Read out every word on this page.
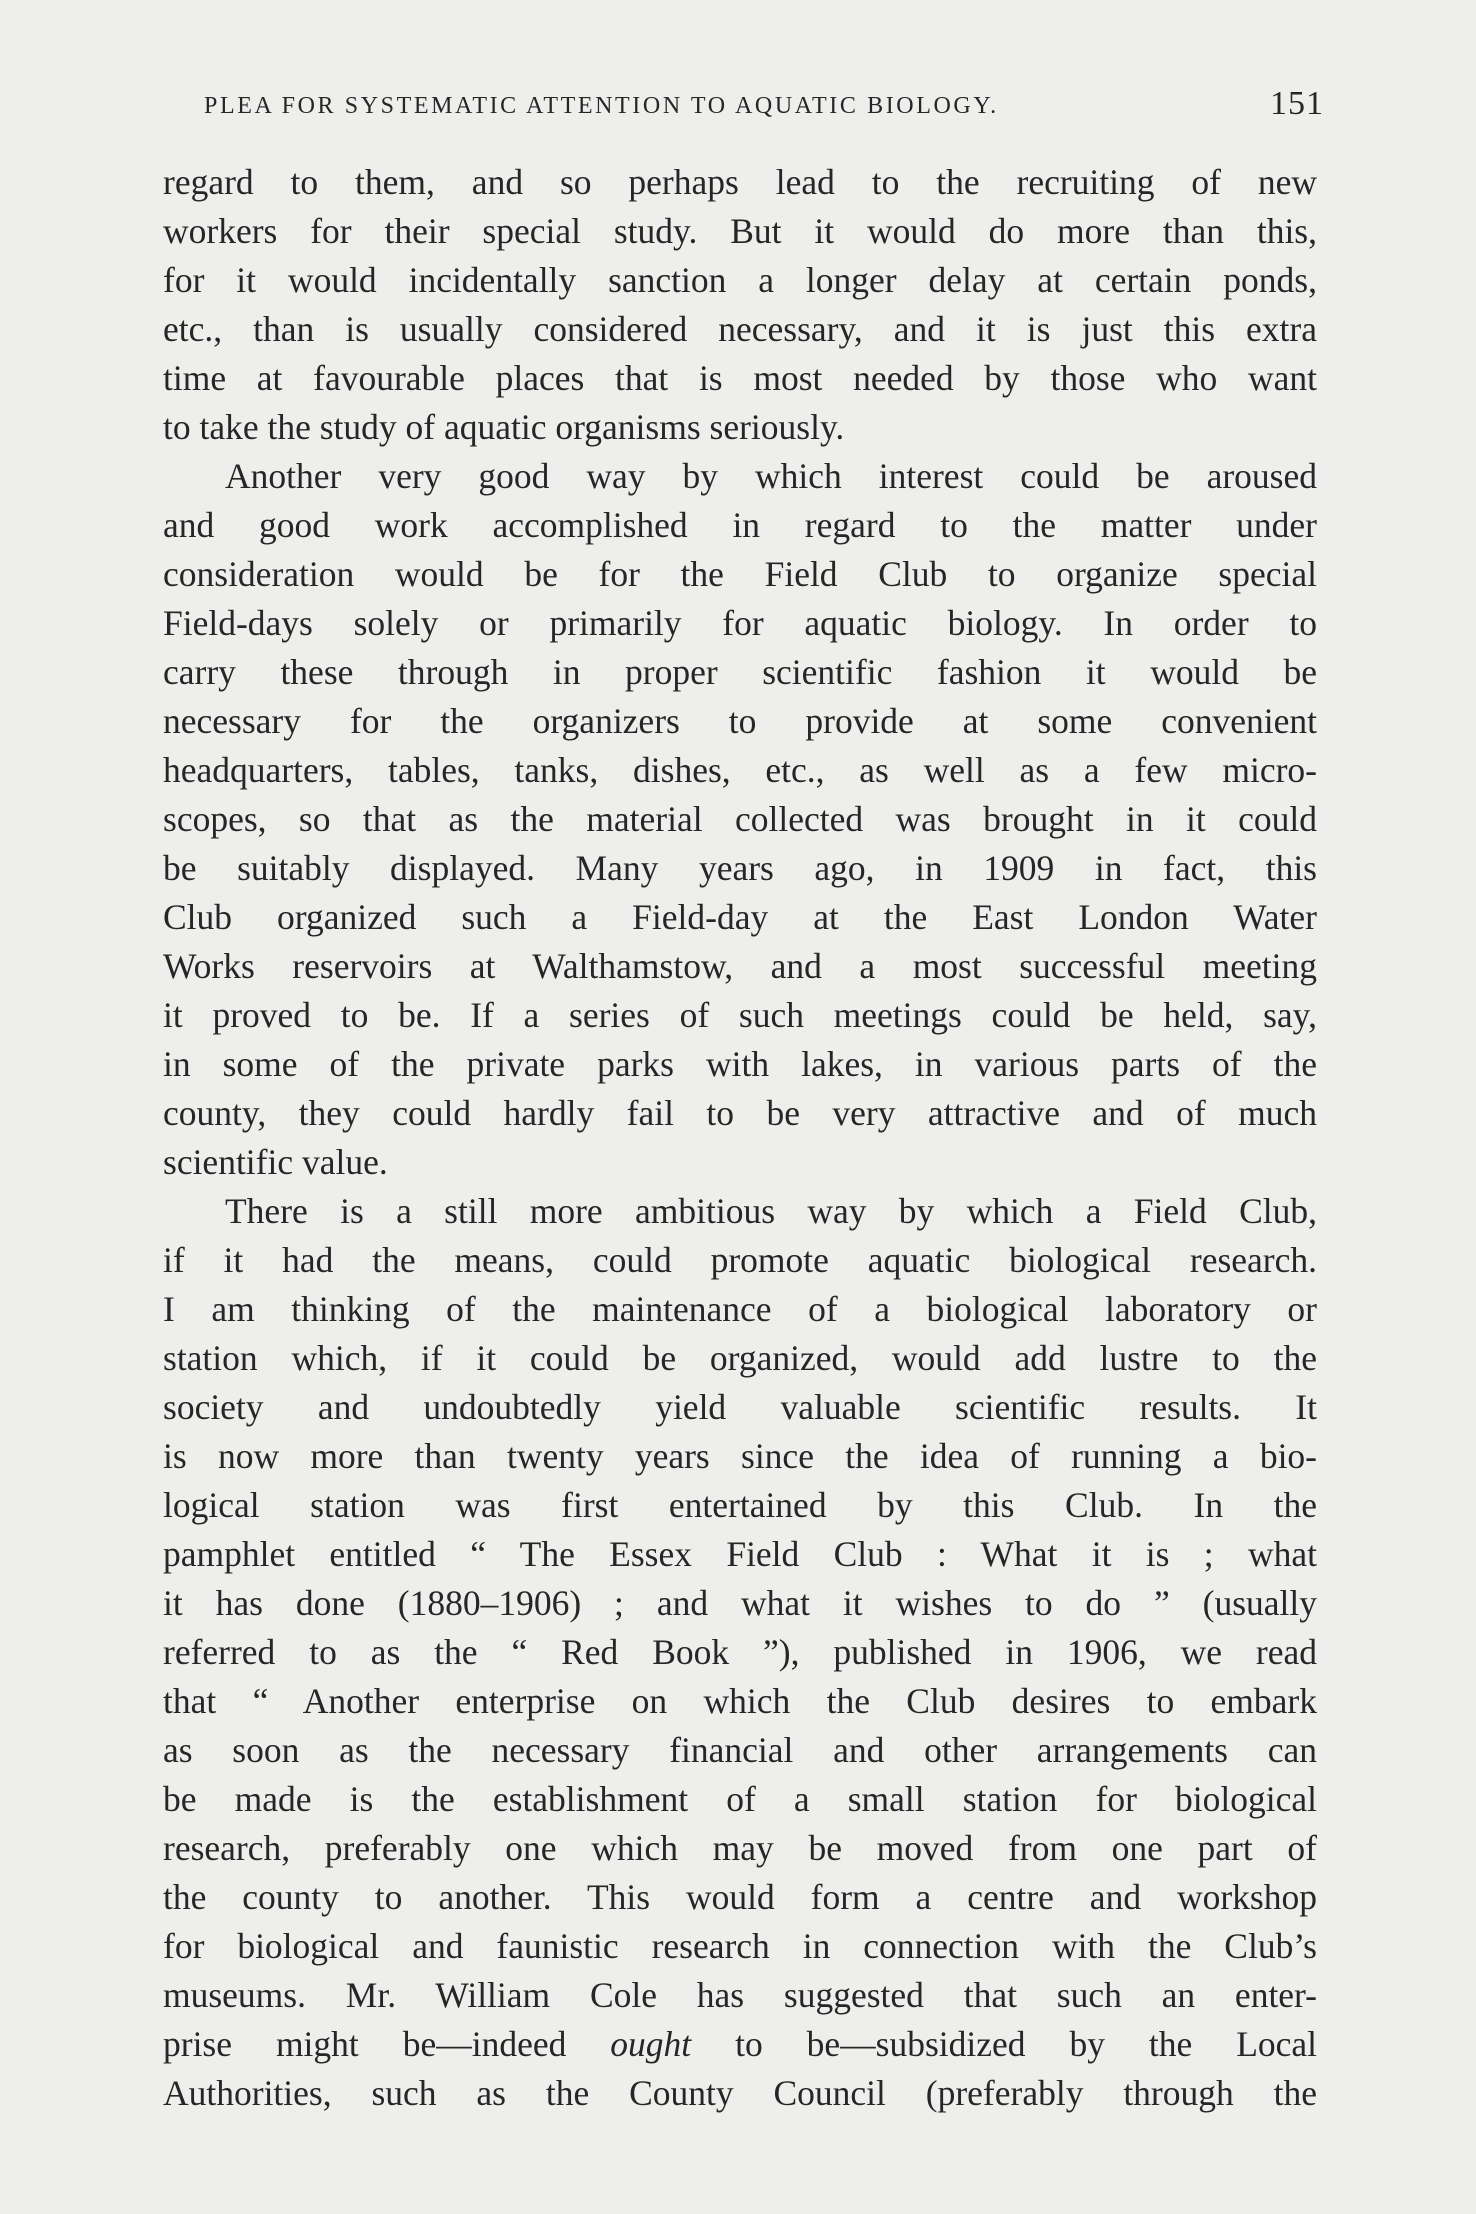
PLEA FOR SYSTEMATIC ATTENTION TO AQUATIC BIOLOGY.	151
regard to them, and so perhaps lead to the recruiting of new
workers for their special study. But it would do more than this,
for it would incidentally sanction a longer delay at certain ponds,
etc., than is usually considered necessary, and it is just this extra
time at favourable places that is most needed by those who want
to take the study of aquatic organisms seriously.
Another very good way by which interest could be aroused
and good work accomplished in regard to the matter under
consideration would be for the Field Club to organize special
Field-days solely or primarily for aquatic biology. In order to
carry these through in proper scientific fashion it would be
necessary for the organizers to provide at some convenient
headquarters, tables, tanks, dishes, etc., as well as a few micro-
scopes, so that as the material collected was brought in it could
be suitably displayed. Many years ago, in 1909 in fact, this
Club organized such a Field-day at the East London Water
Works reservoirs at Walthamstow, and a most successful meeting
it proved to be. If a series of such meetings could be held, say,
in some of the private parks with lakes, in various parts of the
county, they could hardly fail to be very attractive and of much
scientific value.
There is a still more ambitious way by which a Field Club,
if it had the means, could promote aquatic biological research.
I am thinking of the maintenance of a biological laboratory or
station which, if it could be organized, would add lustre to the
society and undoubtedly yield valuable scientific results. It
is now more than twenty years since the idea of running a bio-
logical station was first entertained by this Club. In the
pamphlet entitled “ The Essex Field Club : What it is ; what
it has done (1880–1906) ; and what it wishes to do ” (usually
referred to as the “ Red Book ”), published in 1906, we read
that “ Another enterprise on which the Club desires to embark
as soon as the necessary financial and other arrangements can
be made is the establishment of a small station for biological
research, preferably one which may be moved from one part of
the county to another. This would form a centre and workshop
for biological and faunistic research in connection with the Club’s
museums. Mr. William Cole has suggested that such an enter-
prise might be—indeed ought to be—subsidized by the Local
Authorities, such as the County Council (preferably through the
